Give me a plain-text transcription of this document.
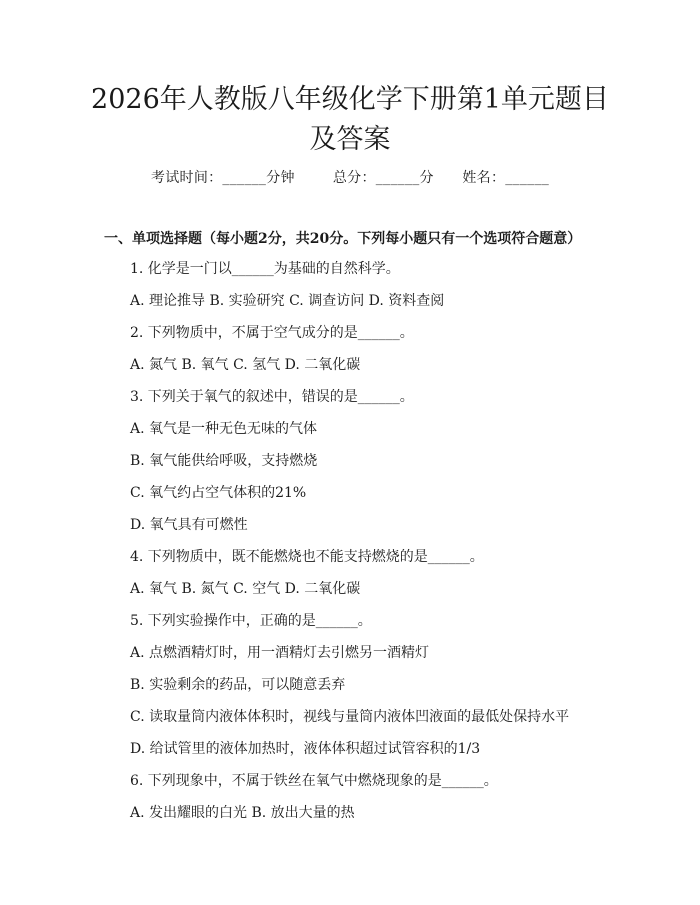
2026年人教版八年级化学下册第1单元题目
及答案
考试时间：______分钟	总分：______分 姓名：______
一、单项选择题（每小题2分，共20分。下列每小题只有一个选项符合题意）
1. 化学是一门以______为基础的自然科学。
A. 理论推导 B. 实验研究 C. 调查访问 D. 资料查阅
2. 下列物质中，不属于空气成分的是______。
A. 氮气 B. 氧气 C. 氢气 D. 二氧化碳
3. 下列关于氧气的叙述中，错误的是______。
A. 氧气是一种无色无味的气体
B. 氧气能供给呼吸，支持燃烧
C. 氧气约占空气体积的21%
D. 氧气具有可燃性
4. 下列物质中，既不能燃烧也不能支持燃烧的是______。
A. 氧气 B. 氮气 C. 空气 D. 二氧化碳
5. 下列实验操作中，正确的是______。
A. 点燃酒精灯时，用一酒精灯去引燃另一酒精灯
B. 实验剩余的药品，可以随意丢弃
C. 读取量筒内液体体积时，视线与量筒内液体凹液面的最低处保持水平
D. 给试管里的液体加热时，液体体积超过试管容积的1/3
6. 下列现象中，不属于铁丝在氧气中燃烧现象的是______。
A. 发出耀眼的白光 B. 放出大量的热
